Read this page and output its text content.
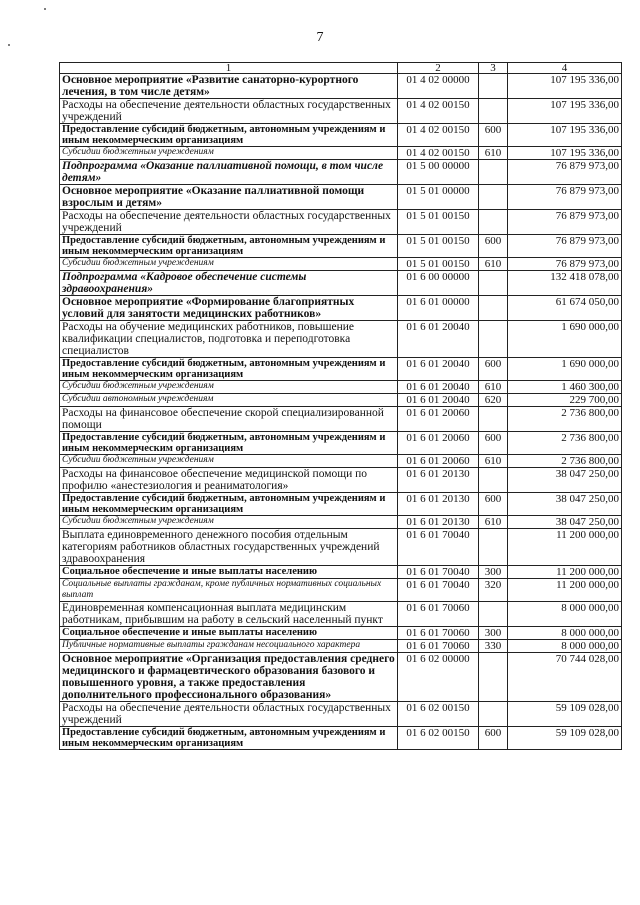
7
1	2	3	4
Основное мероприятие «Развитие санаторно-курортного лечения, в том числе детям»	01 4 02 00000		107 195 336,00
Расходы на обеспечение деятельности областных государственных учреждений	01 4 02 00150		107 195 336,00
Предоставление субсидий бюджетным, автономным учреждениям и иным некоммерческим организациям	01 4 02 00150	600	107 195 336,00
Субсидии бюджетным учреждениям	01 4 02 00150	610	107 195 336,00
Подпрограмма «Оказание паллиативной помощи, в том числе детям»	01 5 00 00000		76 879 973,00
Основное мероприятие «Оказание паллиативной помощи взрослым и детям»	01 5 01 00000		76 879 973,00
Расходы на обеспечение деятельности областных государственных учреждений	01 5 01 00150		76 879 973,00
Предоставление субсидий бюджетным, автономным учреждениям и иным некоммерческим организациям	01 5 01 00150	600	76 879 973,00
Субсидии бюджетным учреждениям	01 5 01 00150	610	76 879 973,00
Подпрограмма «Кадровое обеспечение системы здравоохранения»	01 6 00 00000		132 418 078,00
Основное мероприятие «Формирование благоприятных условий для занятости медицинских работников»	01 6 01 00000		61 674 050,00
Расходы на обучение медицинских работников, повышение квалификации специалистов, подготовка и переподготовка специалистов	01 6 01 20040		1 690 000,00
Предоставление субсидий бюджетным, автономным учреждениям и иным некоммерческим организациям	01 6 01 20040	600	1 690 000,00
Субсидии бюджетным учреждениям	01 6 01 20040	610	1 460 300,00
Субсидии автономным учреждениям	01 6 01 20040	620	229 700,00
Расходы на финансовое обеспечение скорой специализированной помощи	01 6 01 20060		2 736 800,00
Предоставление субсидий бюджетным, автономным учреждениям и иным некоммерческим организациям	01 6 01 20060	600	2 736 800,00
Субсидии бюджетным учреждениям	01 6 01 20060	610	2 736 800,00
Расходы на финансовое обеспечение медицинской помощи по профилю «анестезиология и реаниматология»	01 6 01 20130		38 047 250,00
Предоставление субсидий бюджетным, автономным учреждениям и иным некоммерческим организациям	01 6 01 20130	600	38 047 250,00
Субсидии бюджетным учреждениям	01 6 01 20130	610	38 047 250,00
Выплата единовременного денежного пособия отдельным категориям работников областных государственных учреждений здравоохранения	01 6 01 70040		11 200 000,00
Социальное обеспечение и иные выплаты населению	01 6 01 70040	300	11 200 000,00
Социальные выплаты гражданам, кроме публичных нормативных социальных выплат	01 6 01 70040	320	11 200 000,00
Единовременная компенсационная выплата медицинским работникам, прибывшим на работу в сельский населенный пункт	01 6 01 70060		8 000 000,00
Социальное обеспечение и иные выплаты населению	01 6 01 70060	300	8 000 000,00
Публичные нормативные выплаты гражданам несоциального характера	01 6 01 70060	330	8 000 000,00
Основное мероприятие «Организация предоставления среднего медицинского и фармацевтического образования базового и повышенного уровня, а также предоставления дополнительного профессионального образования»	01 6 02 00000		70 744 028,00
Расходы на обеспечение деятельности областных государственных учреждений	01 6 02 00150		59 109 028,00
Предоставление субсидий бюджетным, автономным учреждениям и иным некоммерческим организациям	01 6 02 00150	600	59 109 028,00
